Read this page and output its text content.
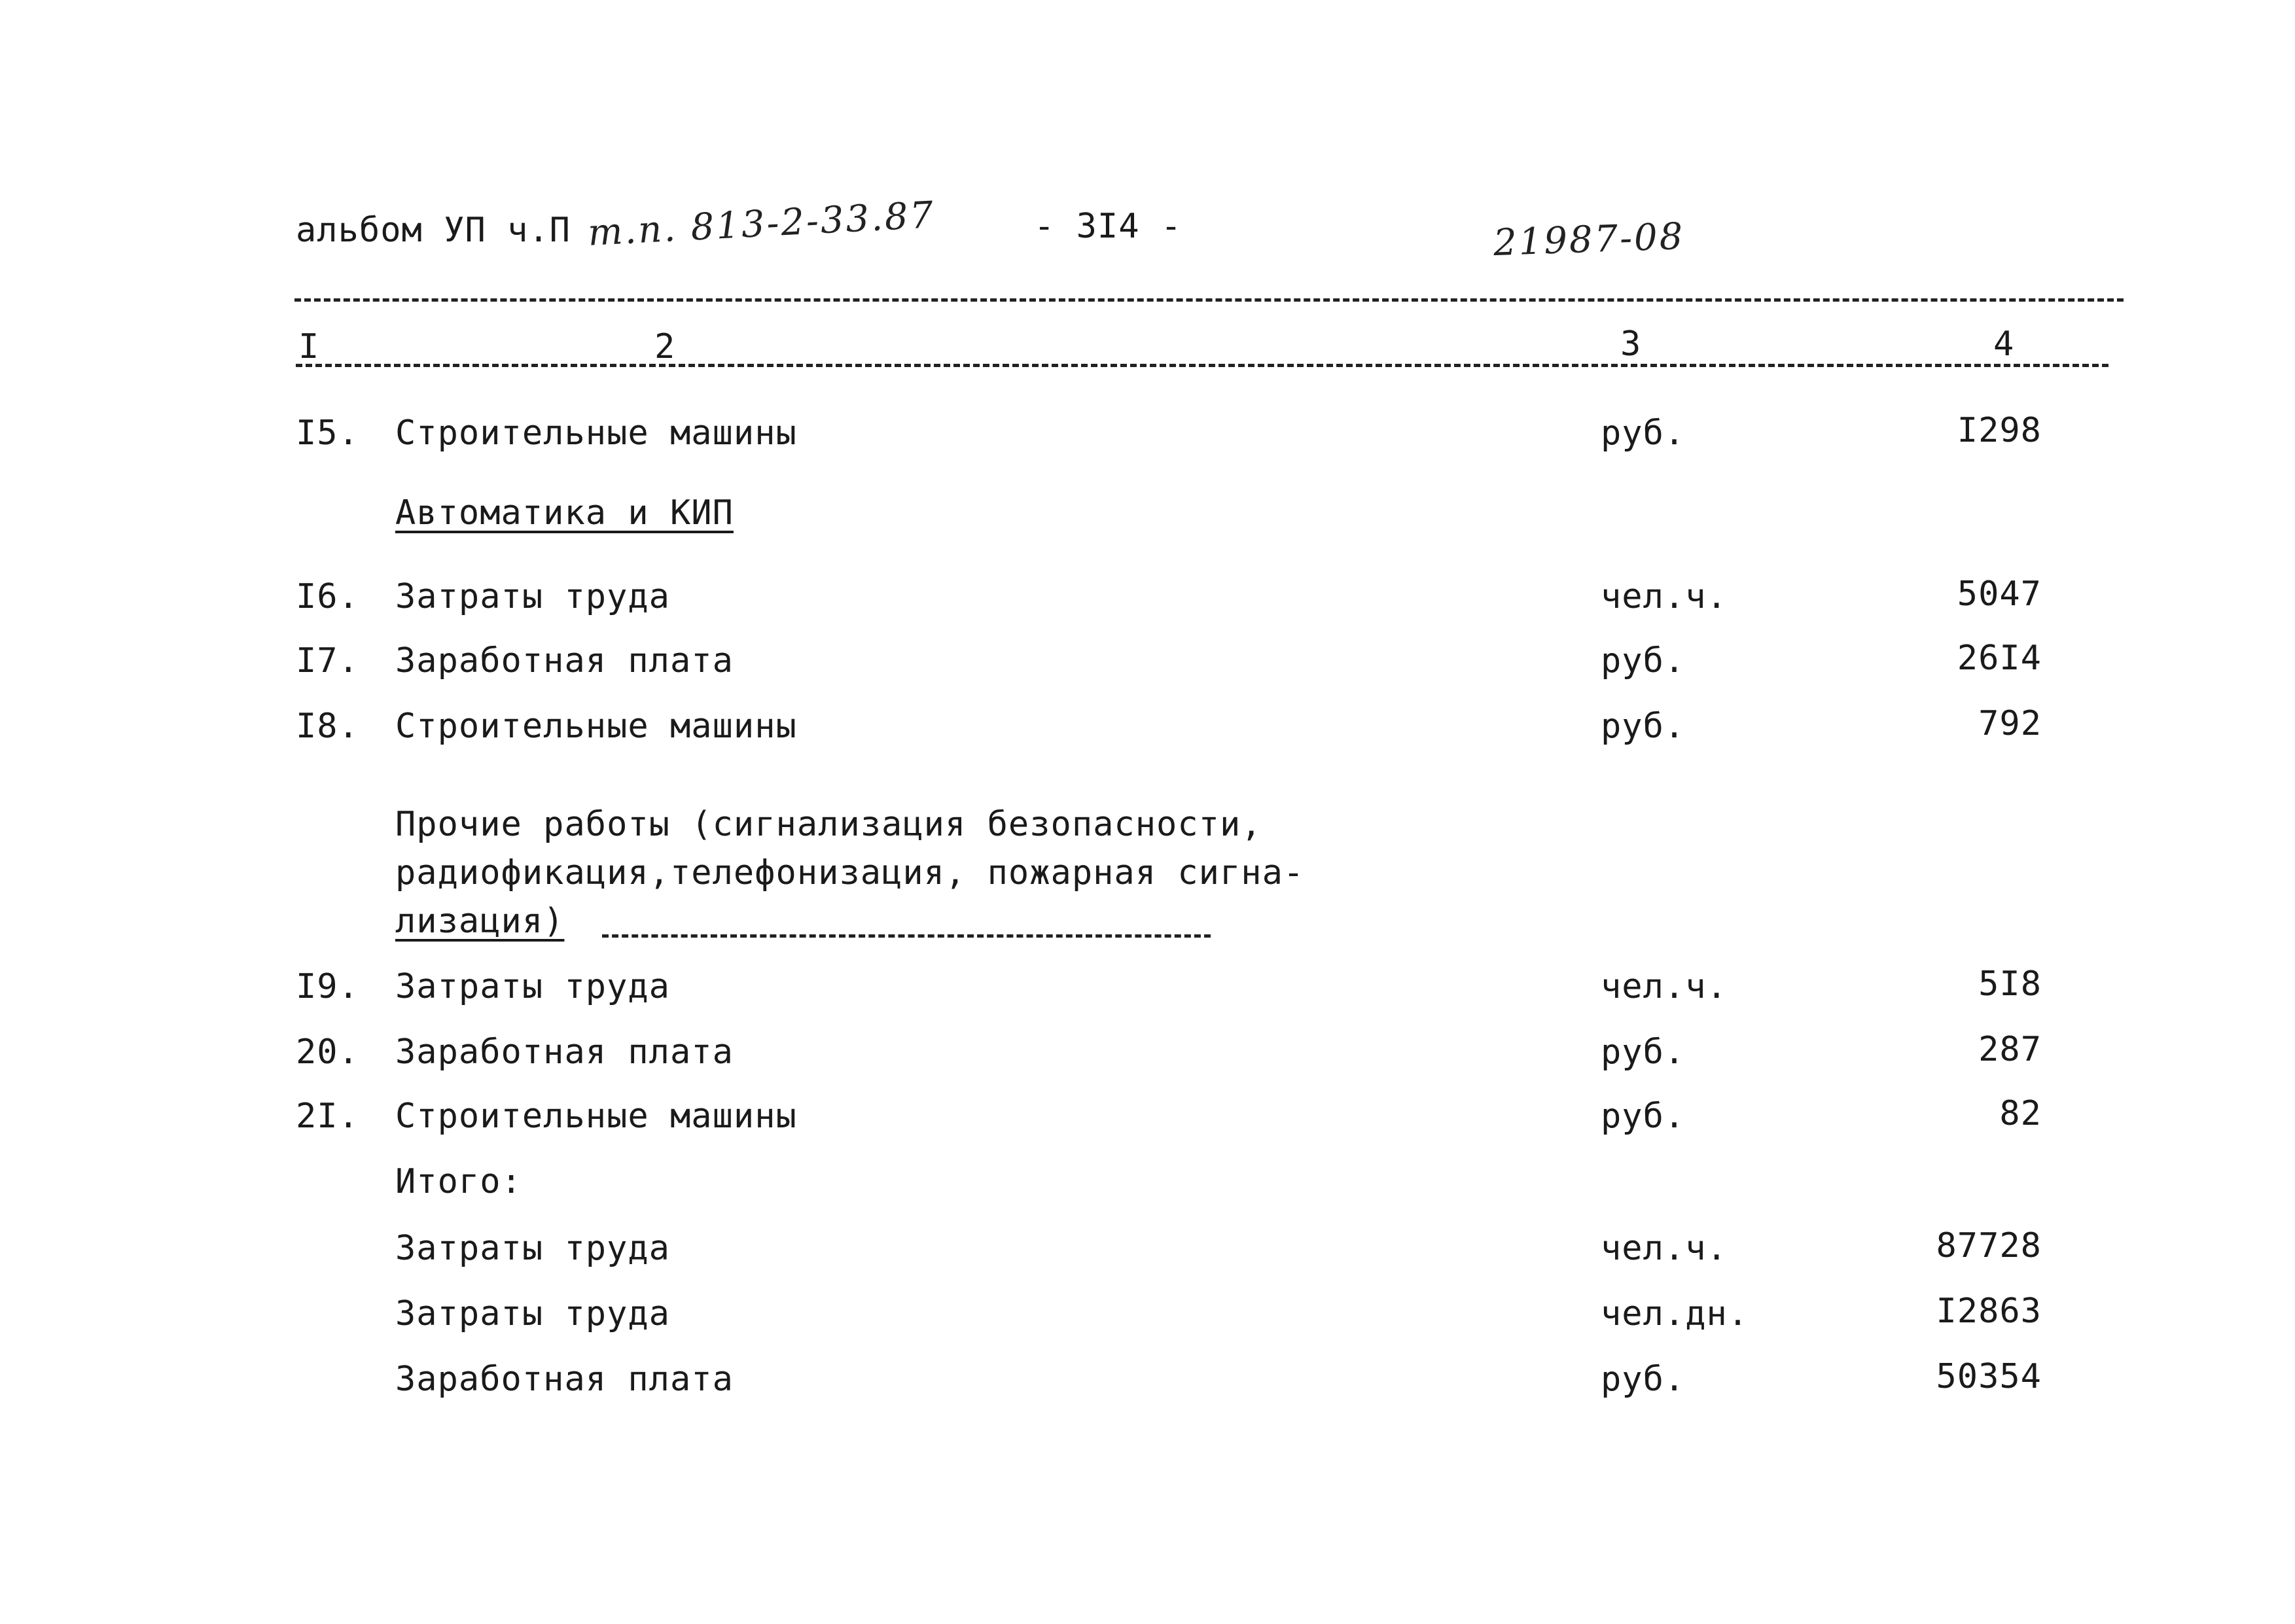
альбом УП ч.П т.п. 813-2-33.87	- 3I4 -	21987-08
I	2	3	4
I5. Строительные машины	руб.	I298
Автоматика и КИП
I6. Затраты труда	чел.ч.	5047
I7. Заработная плата	руб.	26I4
I8. Строительные машины	руб.	792
Прочие работы (сигнализация безопасности,
радиофикация,телефонизация, пожарная сигна-
лизация)
I9. Затраты труда	чел.ч.	5I8
20. Заработная плата	руб.	287
2I. Строительные машины	руб.	82
Итого:
Затраты труда	чел.ч.	87728
Затраты труда	чел.дн.	I2863
Заработная плата	руб.	50354
